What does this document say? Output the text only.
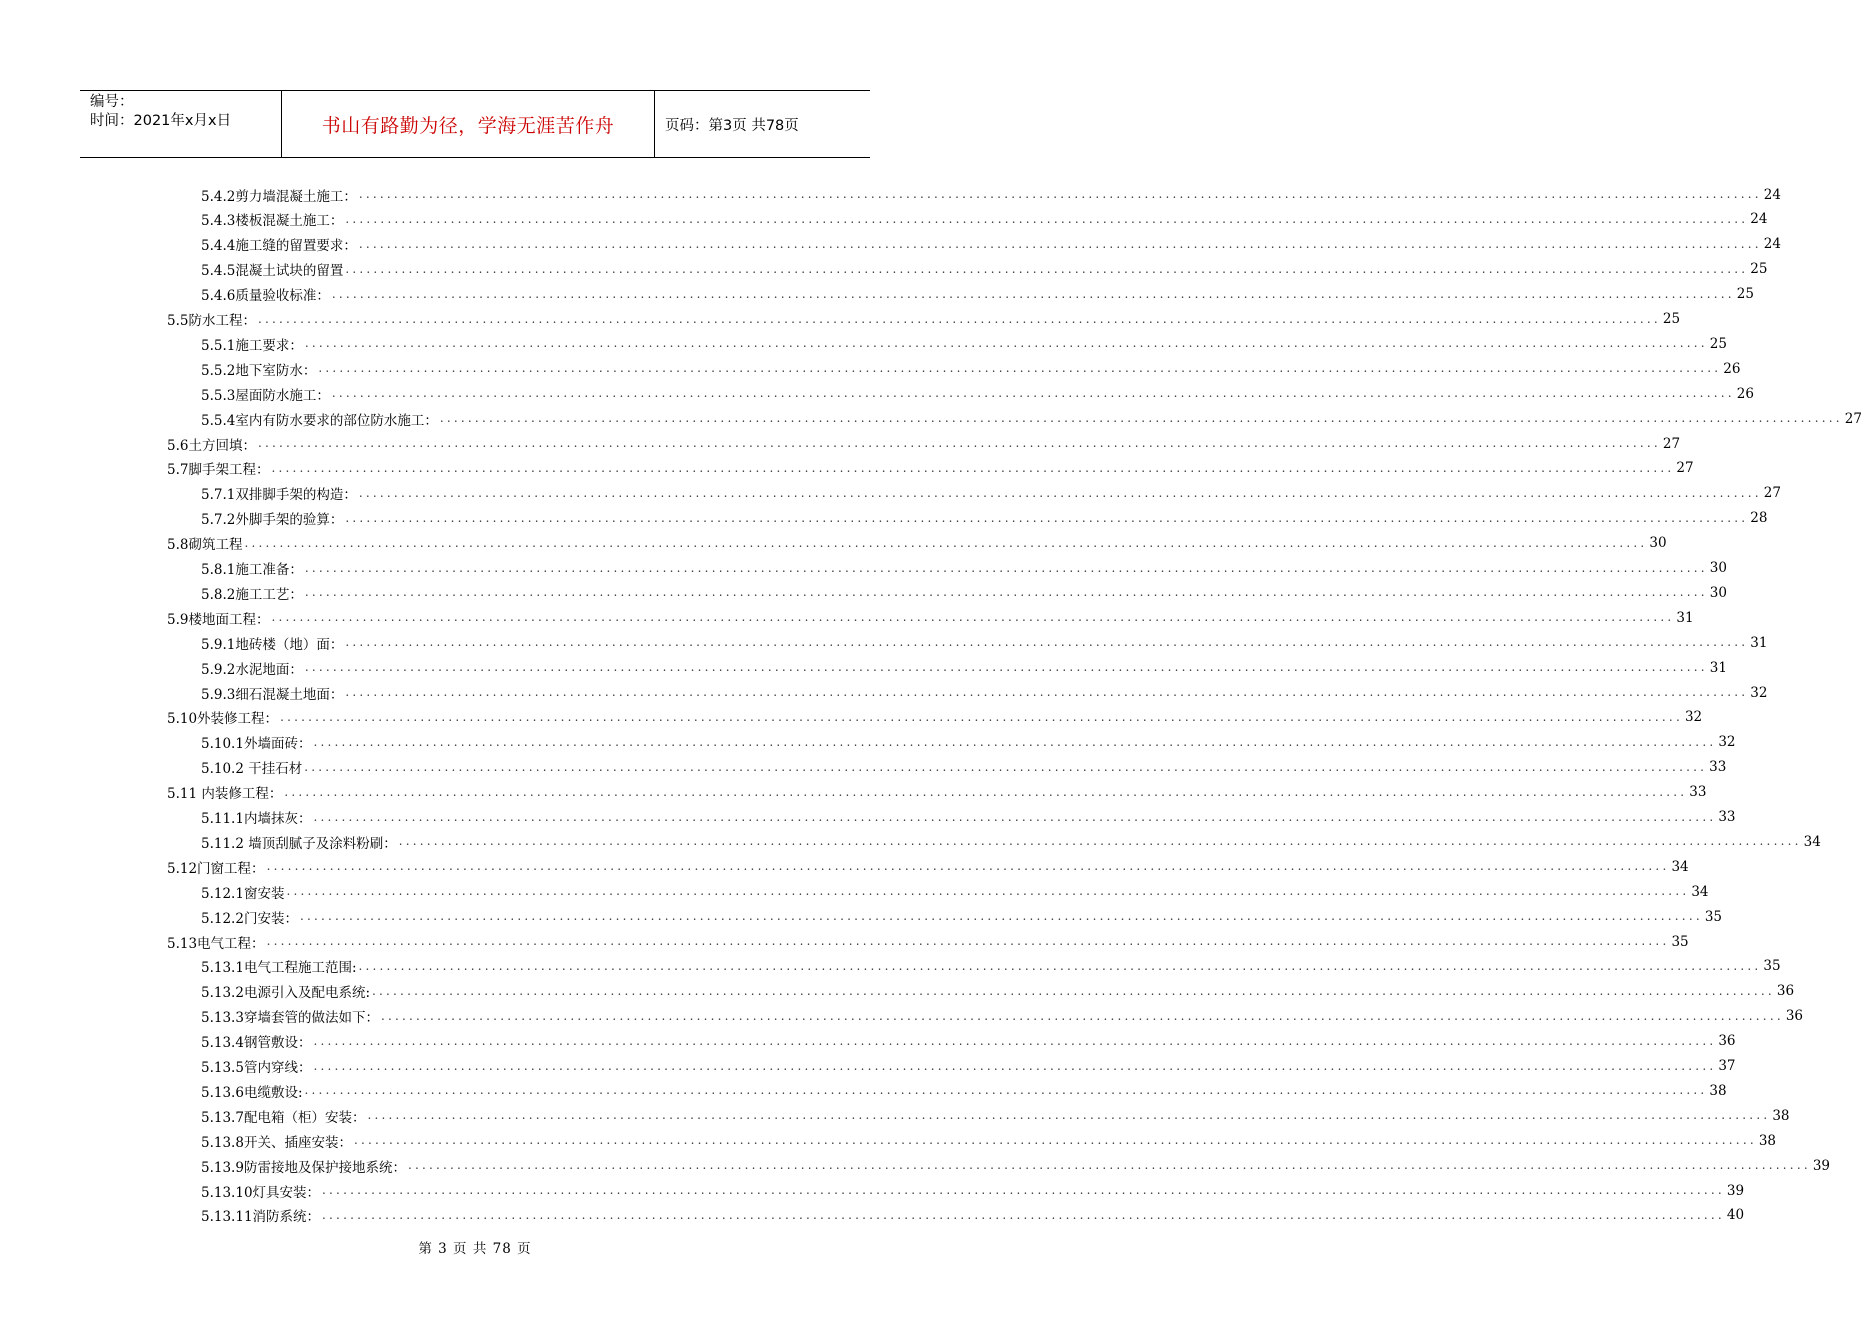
编号：
时间：2021年x月x日	书山有路勤为径，学海无涯苦作舟	页码：第3页 共78页
5.4.2剪力墙混凝土施工： ........................................................................................................................................................................................................ 24
5.4.3楼板混凝土施工： ........................................................................................................................................................................................................ 24
5.4.4施工缝的留置要求： ........................................................................................................................................................................................................ 24
5.4.5混凝土试块的留置 ........................................................................................................................................................................................................ 25
5.4.6质量验收标准： ........................................................................................................................................................................................................ 25
5.5防水工程： ........................................................................................................................................................................................................ 25
5.5.1施工要求： ........................................................................................................................................................................................................ 25
5.5.2地下室防水： ........................................................................................................................................................................................................ 26
5.5.3屋面防水施工： ........................................................................................................................................................................................................ 26
5.5.4室内有防水要求的部位防水施工： ........................................................................................................................................................................................................ 27
5.6土方回填： ........................................................................................................................................................................................................ 27
5.7脚手架工程： ........................................................................................................................................................................................................ 27
5.7.1双排脚手架的构造： ........................................................................................................................................................................................................ 27
5.7.2外脚手架的验算： ........................................................................................................................................................................................................ 28
5.8砌筑工程 ........................................................................................................................................................................................................ 30
5.8.1施工准备： ........................................................................................................................................................................................................ 30
5.8.2施工工艺： ........................................................................................................................................................................................................ 30
5.9楼地面工程： ........................................................................................................................................................................................................ 31
5.9.1地砖楼（地）面： ........................................................................................................................................................................................................ 31
5.9.2水泥地面： ........................................................................................................................................................................................................ 31
5.9.3细石混凝土地面： ........................................................................................................................................................................................................ 32
5.10外装修工程： ........................................................................................................................................................................................................ 32
5.10.1外墙面砖： ........................................................................................................................................................................................................ 32
5.10.2 干挂石材 ........................................................................................................................................................................................................ 33
5.11 内装修工程： ........................................................................................................................................................................................................ 33
5.11.1内墙抹灰： ........................................................................................................................................................................................................ 33
5.11.2 墙顶刮腻子及涂料粉刷： ........................................................................................................................................................................................................ 34
5.12门窗工程： ........................................................................................................................................................................................................ 34
5.12.1窗安装 ........................................................................................................................................................................................................ 34
5.12.2门安装： ........................................................................................................................................................................................................ 35
5.13电气工程： ........................................................................................................................................................................................................ 35
5.13.1电气工程施工范围: ........................................................................................................................................................................................................ 35
5.13.2电源引入及配电系统: ........................................................................................................................................................................................................ 36
5.13.3穿墙套管的做法如下： ........................................................................................................................................................................................................ 36
5.13.4钢管敷设： ........................................................................................................................................................................................................ 36
5.13.5管内穿线： ........................................................................................................................................................................................................ 37
5.13.6电缆敷设: ........................................................................................................................................................................................................ 38
5.13.7配电箱（柜）安装： ........................................................................................................................................................................................................ 38
5.13.8开关、插座安装： ........................................................................................................................................................................................................ 38
5.13.9防雷接地及保护接地系统： ........................................................................................................................................................................................................ 39
5.13.10灯具安装： ........................................................................................................................................................................................................ 39
5.13.11消防系统： ........................................................................................................................................................................................................ 40
第 3 页 共 78 页
